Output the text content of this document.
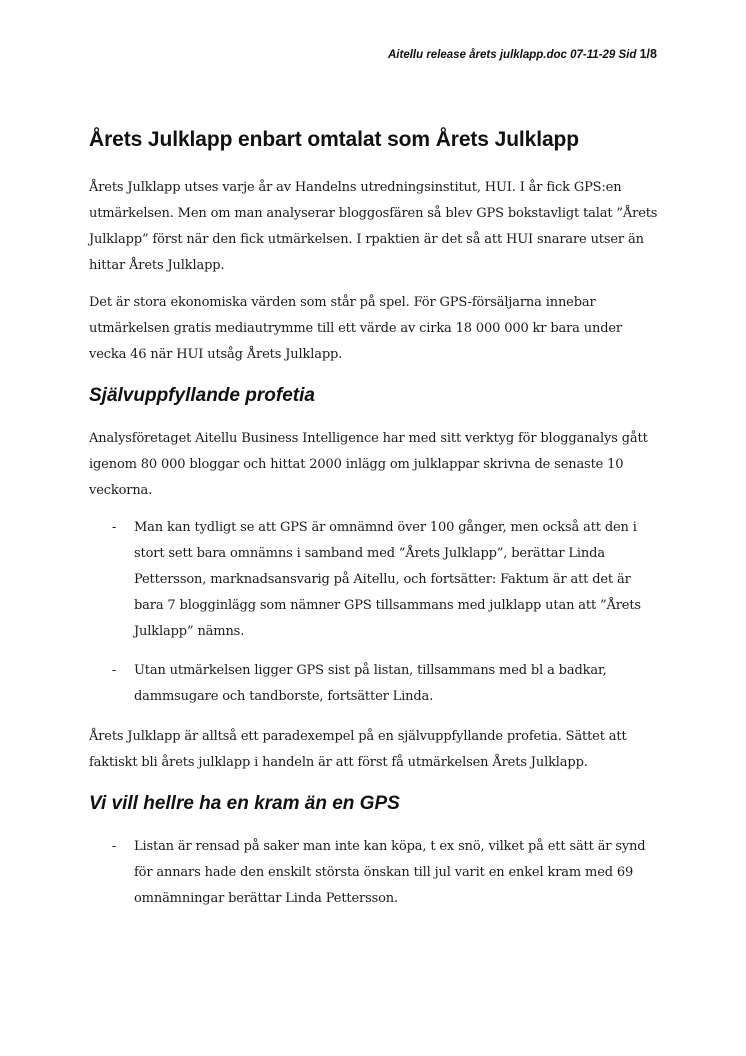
Aitellu release årets julklapp.doc 07-11-29 Sid 1/8
Årets Julklapp enbart omtalat som Årets Julklapp

Årets Julklapp utses varje år av Handelns utredningsinstitut, HUI. I år fick GPS:en utmärkelsen. Men om man analyserar bloggosfären så blev GPS bokstavligt talat ”Årets Julklapp” först när den fick utmärkelsen. I rpaktien är det så att HUI snarare utser än hittar Årets Julklapp.

Det är stora ekonomiska värden som står på spel. För GPS-försäljarna innebar utmärkelsen gratis mediautrymme till ett värde av cirka 18 000 000 kr bara under vecka 46 när HUI utsåg Årets Julklapp.

Självuppfyllande profetia

Analysföretaget Aitellu Business Intelligence har med sitt verktyg för blogganalys gått igenom 80 000 bloggar och hittat 2000 inlägg om julklappar skrivna de senaste 10 veckorna.

- Man kan tydligt se att GPS är omnämnd över 100 gånger, men också att den i stort sett bara omnämns i samband med ”Årets Julklapp”, berättar Linda Pettersson, marknadsansvarig på Aitellu, och fortsätter: Faktum är att det är bara 7 blogginlägg som nämner GPS tillsammans med julklapp utan att ”Årets Julklapp” nämns.
- Utan utmärkelsen ligger GPS sist på listan, tillsammans med bl a badkar, dammsugare och tandborste, fortsätter Linda.

Årets Julklapp är alltså ett paradexempel på en självuppfyllande profetia. Sättet att faktiskt bli årets julklapp i handeln är att först få utmärkelsen Årets Julklapp.

Vi vill hellre ha en kram än en GPS
- Listan är rensad på saker man inte kan köpa, t ex snö, vilket på ett sätt är synd för annars hade den enskilt största önskan till jul varit en enkel kram med 69 omnämningar berättar Linda Pettersson.
